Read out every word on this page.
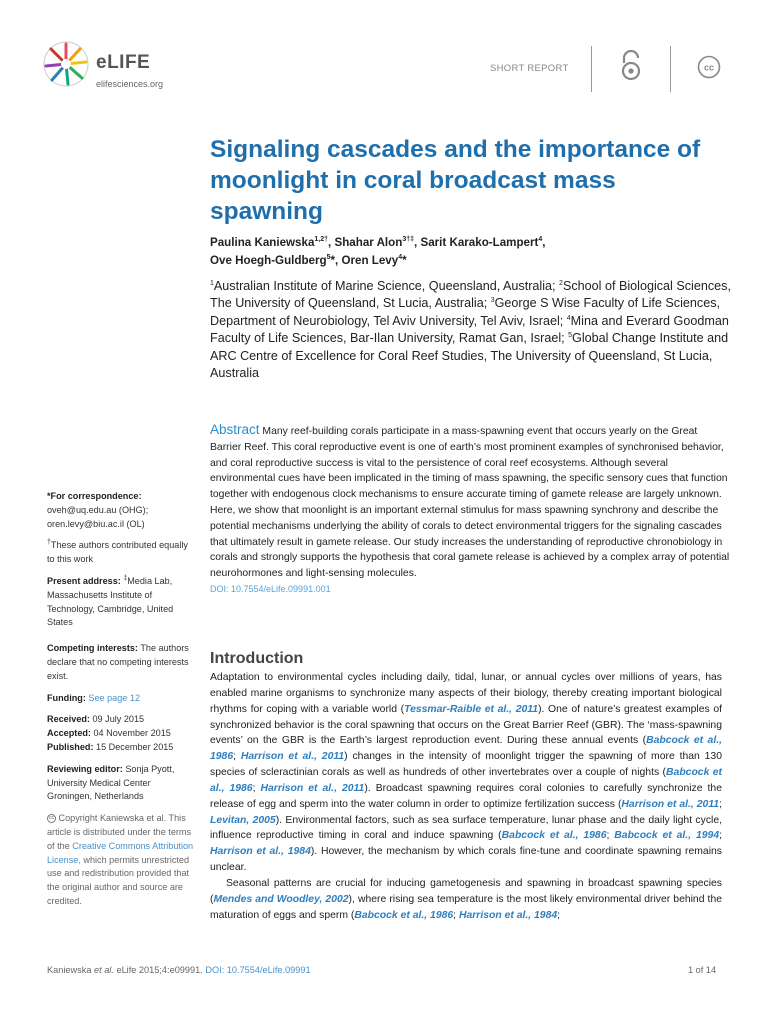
eLIFE
elifesciences.org
SHORT REPORT	cc
Signaling cascades and the importance of moonlight in coral broadcast mass spawning
Paulina Kaniewska$^{1,2\dagger}$, Shahar Alon$^{3\dagger\ddagger}$, Sarit Karako-Lampert$^4$,
Ove Hoegh-Guldberg$^5$*, Oren Levy$^4$*
$^1$Australian Institute of Marine Science, Queensland, Australia; $^2$School of Biological Sciences, The University of Queensland, St Lucia, Australia; $^3$George S Wise Faculty of Life Sciences, Department of Neurobiology, Tel Aviv University, Tel Aviv, Israel; $^4$Mina and Everard Goodman Faculty of Life Sciences, Bar-Ilan University, Ramat Gan, Israel; $^5$Global Change Institute and ARC Centre of Excellence for Coral Reef Studies, The University of Queensland, St Lucia, Australia
Abstract Many reef-building corals participate in a mass-spawning event that occurs yearly on the Great Barrier Reef. This coral reproductive event is one of earth’s most prominent examples of synchronised behavior, and coral reproductive success is vital to the persistence of coral reef ecosystems. Although several environmental cues have been implicated in the timing of mass spawning, the specific sensory cues that function together with endogenous clock mechanisms to ensure accurate timing of gamete release are largely unknown. Here, we show that moonlight is an important external stimulus for mass spawning synchrony and describe the potential mechanisms underlying the ability of corals to detect environmental triggers for the signaling cascades that ultimately result in gamete release. Our study increases the understanding of reproductive chronobiology in corals and strongly supports the hypothesis that coral gamete release is achieved by a complex array of potential neurohormones and light-sensing molecules.
DOI: 10.7554/eLife.09991.001
*For correspondence: oveh@uq.edu.au (OHG); oren.levy@biu.ac.il (OL)
†These authors contributed equally to this work
Present address: ‡Media Lab, Massachusetts Institute of Technology, Cambridge, United States
Competing interests: The authors declare that no competing interests exist.
Funding: See page 12
Received: 09 July 2015
Accepted: 04 November 2015
Published: 15 December 2015
Reviewing editor: Sonja Pyott, University Medical Center Groningen, Netherlands
cc Copyright Kaniewska et al. This article is distributed under the terms of the Creative Commons Attribution License, which permits unrestricted use and redistribution provided that the original author and source are credited.
Introduction

Adaptation to environmental cycles including daily, tidal, lunar, or annual cycles over millions of years, has enabled marine organisms to synchronize many aspects of their biology, thereby creating important biological rhythms for coping with a variable world (Tessmar-Raible et al., 2011). One of nature’s greatest examples of synchronized behavior is the coral spawning that occurs on the Great Barrier Reef (GBR). The ‘mass-spawning events’ on the GBR is the Earth’s largest reproduction event. During these annual events (Babcock et al., 1986; Harrison et al., 2011) changes in the intensity of moonlight trigger the spawning of more than 130 species of scleractinian corals as well as hundreds of other invertebrates over a couple of nights (Babcock et al., 1986; Harrison et al., 2011). Broadcast spawning requires coral colonies to carefully synchronize the release of egg and sperm into the water column in order to optimize fertilization success (Harrison et al., 2011; Levitan, 2005). Environmental factors, such as sea surface temperature, lunar phase and the daily light cycle, influence reproductive timing in coral and induce spawning (Babcock et al., 1986; Babcock et al., 1994; Harrison et al., 1984). However, the mechanism by which corals fine-tune and coordinate spawning remains unclear.

Seasonal patterns are crucial for inducing gametogenesis and spawning in broadcast spawning species (Mendes and Woodley, 2002), where rising sea temperature is the most likely environmental driver behind the maturation of eggs and sperm (Babcock et al., 1986; Harrison et al., 1984;

Kaniewska et al. eLife 2015;4:e09991. DOI: 10.7554/eLife.09991	1 of 14
